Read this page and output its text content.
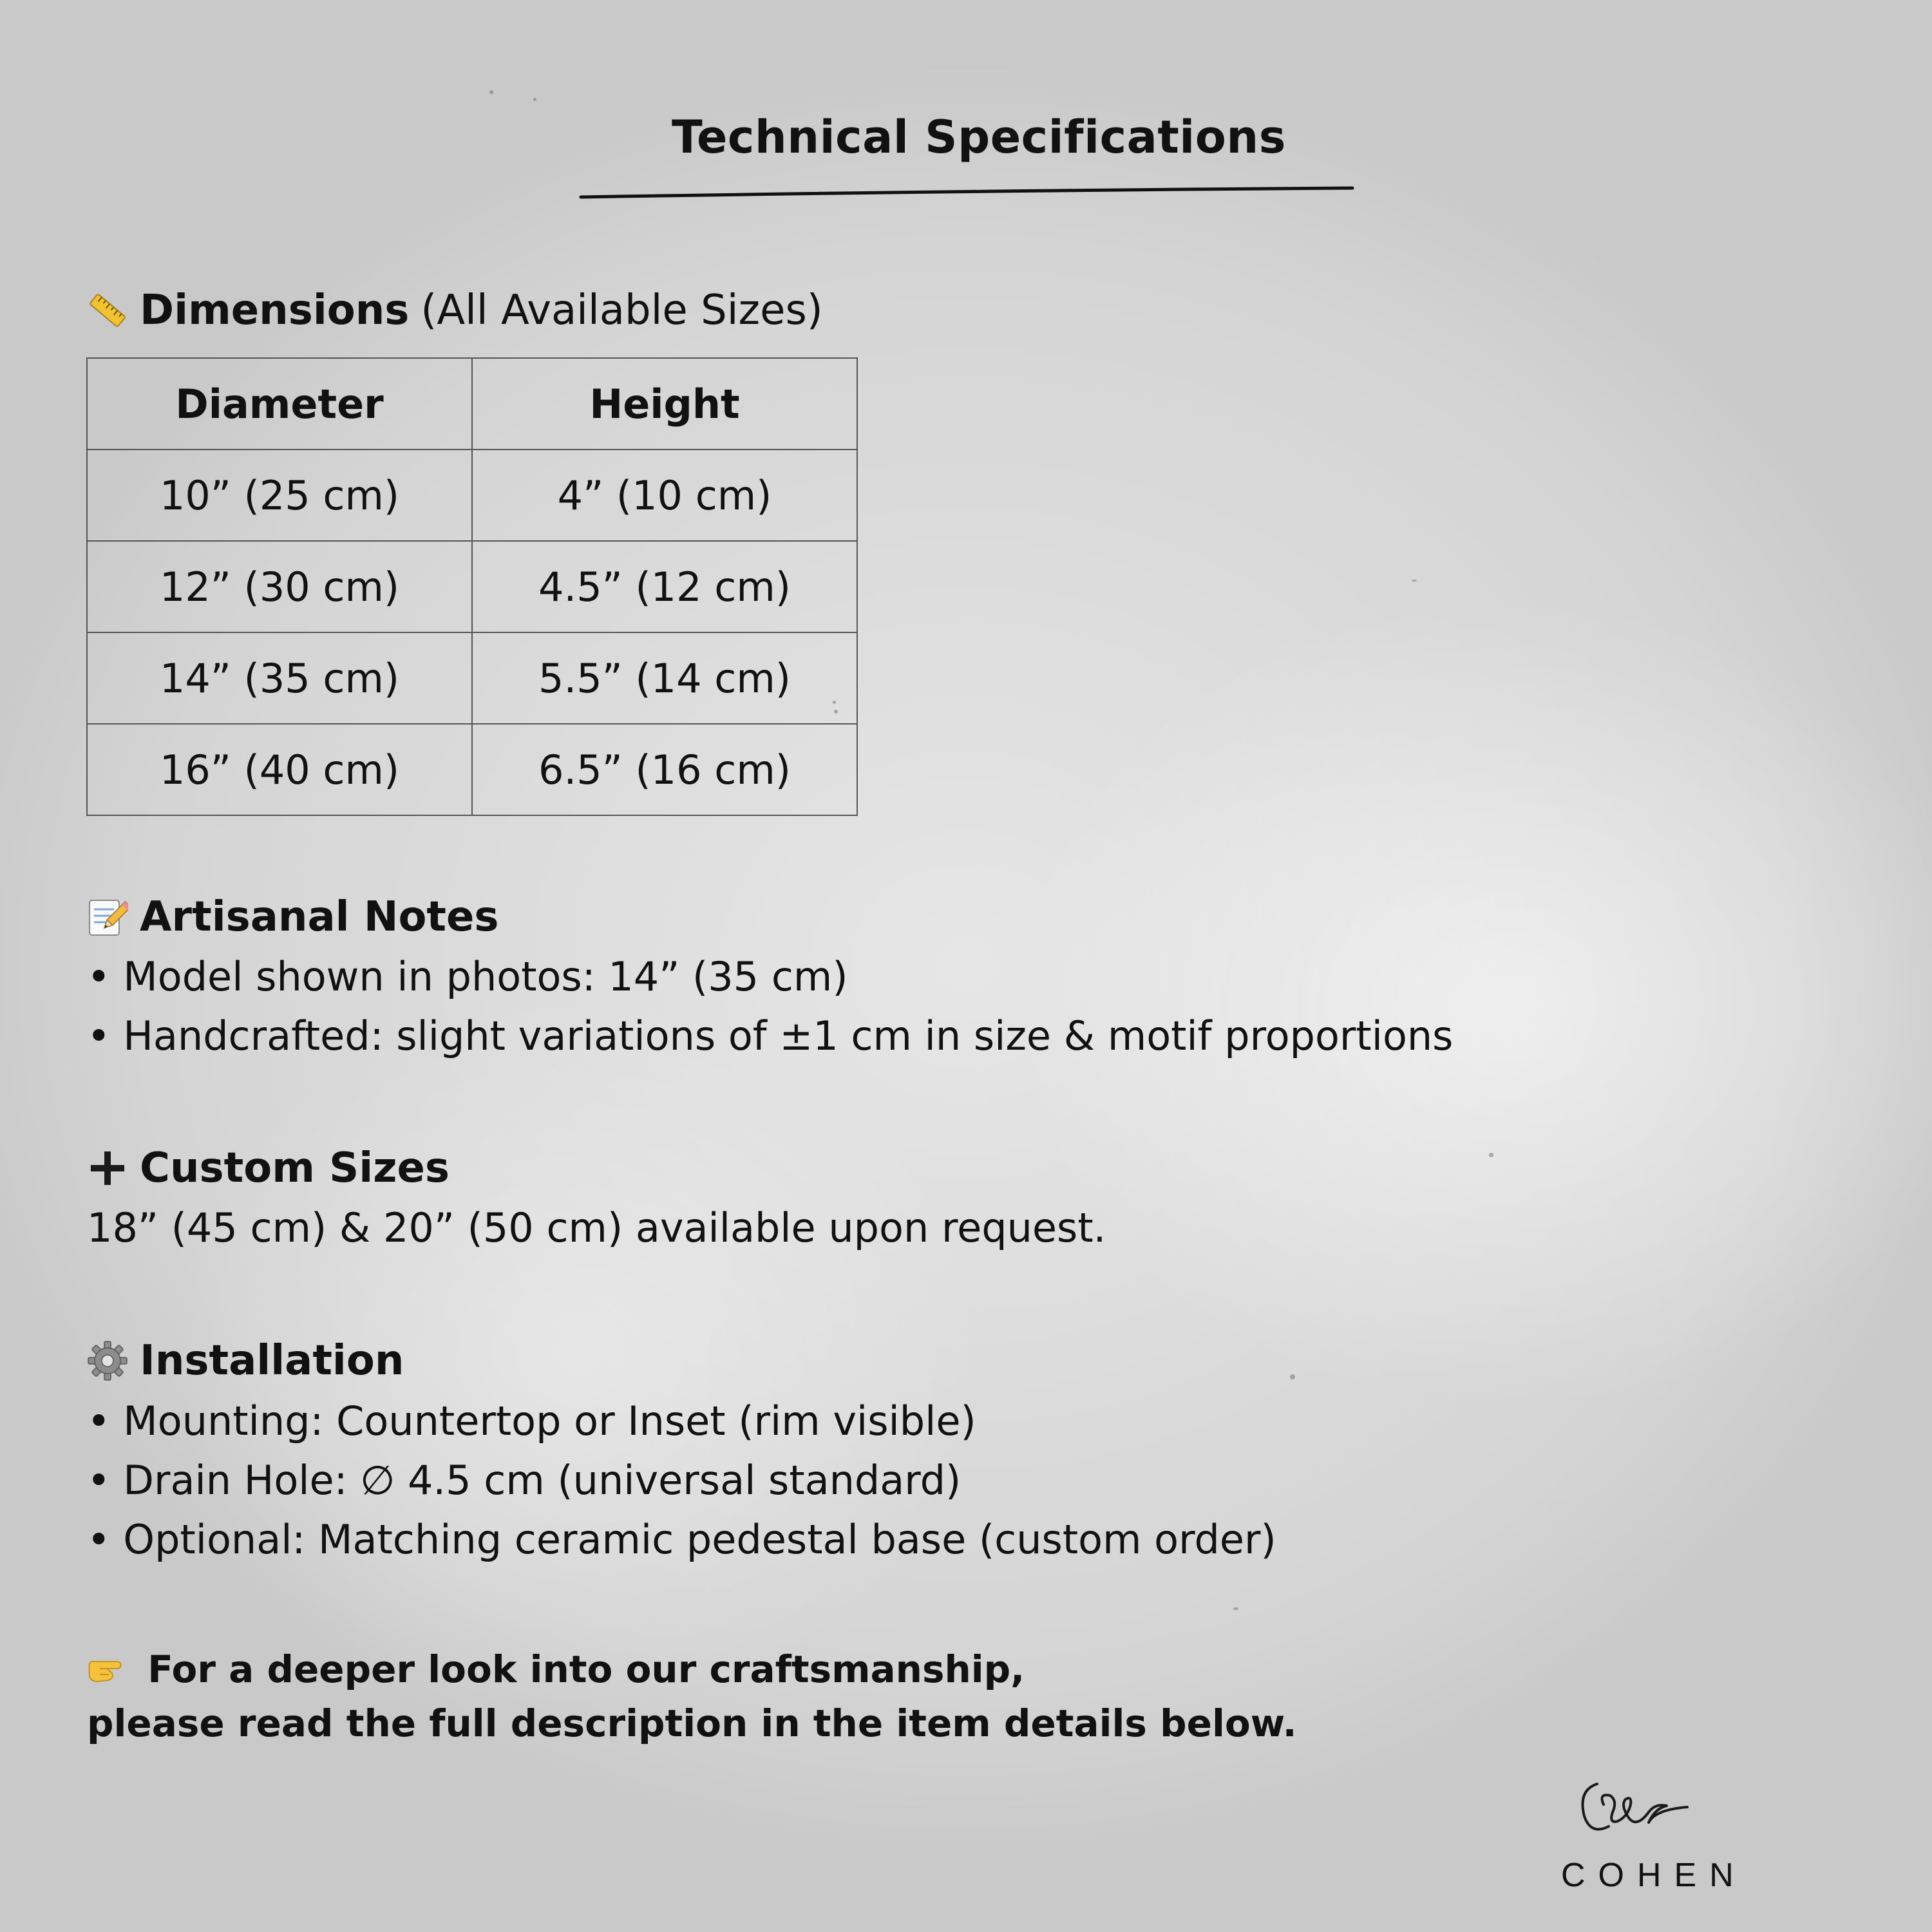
Technical Specifications
Dimensions (All Available Sizes)
Diameter	Height
10” (25 cm)	4” (10 cm)
12” (30 cm)	4.5” (12 cm)
14” (35 cm)	5.5” (14 cm)
16” (40 cm)	6.5” (16 cm)
Artisanal Notes
• Model shown in photos: 14” (35 cm)
• Handcrafted: slight variations of ±1 cm in size & motif proportions
Custom Sizes
18” (45 cm) & 20” (50 cm) available upon request.
Installation
• Mounting: Countertop or Inset (rim visible)
• Drain Hole: ∅ 4.5 cm (universal standard)
• Optional: Matching ceramic pedestal base (custom order)
For a deeper look into our craftsmanship,
please read the full description in the item details below.
COHEN
